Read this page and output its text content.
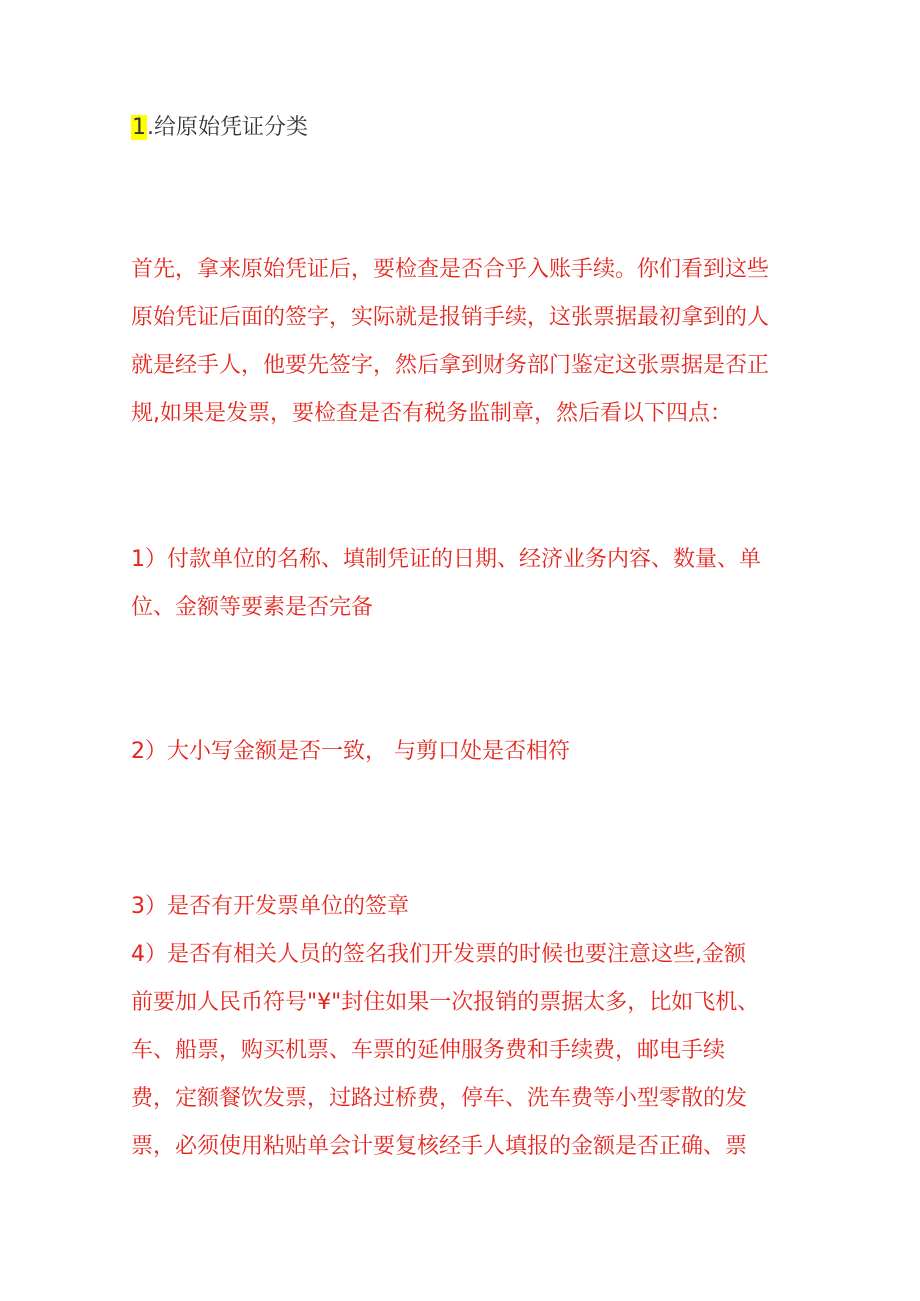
1.给原始凭证分类
首先，拿来原始凭证后，要检查是否合乎入账手续。你们看到这些
原始凭证后面的签字，实际就是报销手续，这张票据最初拿到的人
就是经手人，他要先签字，然后拿到财务部门鉴定这张票据是否正
规,如果是发票，要检查是否有税务监制章，然后看以下四点：
1）付款单位的名称、填制凭证的日期、经济业务内容、数量、单
位、金额等要素是否完备
2）大小写金额是否一致， 与剪口处是否相符
3）是否有开发票单位的签章
4）是否有相关人员的签名我们开发票的时候也要注意这些,金额
前要加人民币符号"¥"封住如果一次报销的票据太多，比如飞机、
车、船票，购买机票、车票的延伸服务费和手续费，邮电手续
费，定额餐饮发票，过路过桥费，停车、洗车费等小型零散的发
票，必须使用粘贴单会计要复核经手人填报的金额是否正确、票
